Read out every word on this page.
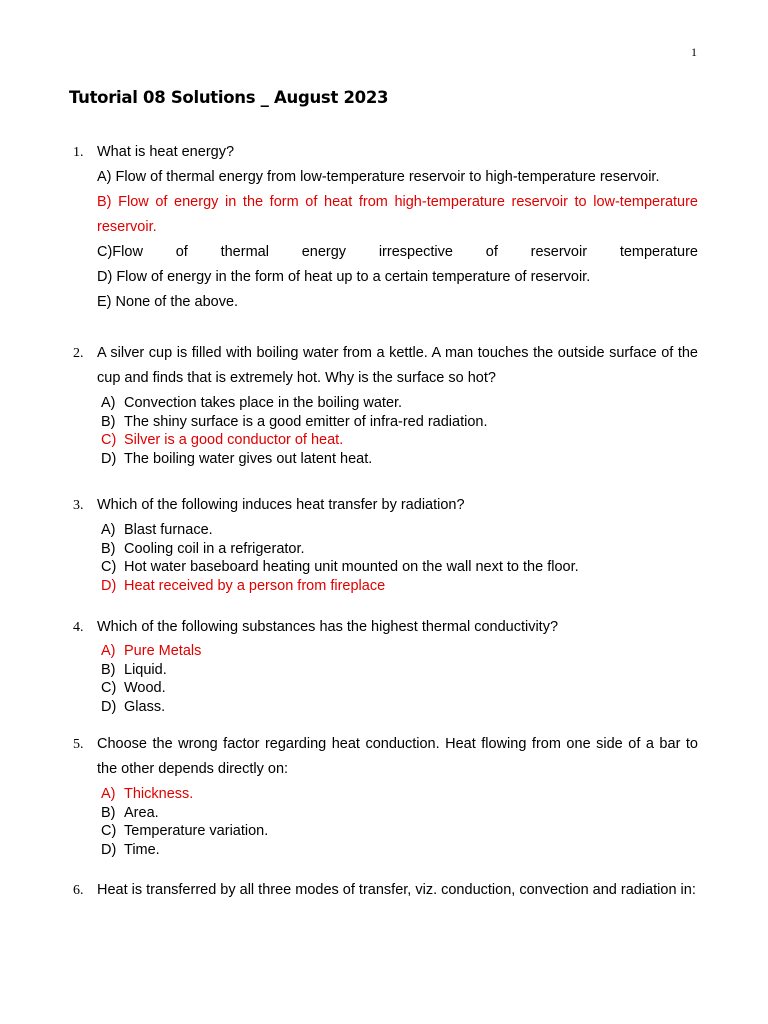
1
Tutorial 08 Solutions _ August 2023
1. What is heat energy?

A) Flow of thermal energy from low-temperature reservoir to high-temperature reservoir.

B) Flow of energy in the form of heat from high-temperature reservoir to low-temperature reservoir.

C)Flow of thermal energy irrespective of reservoir temperature

D) Flow of energy in the form of heat up to a certain temperature of reservoir.

E) None of the above.

2. A silver cup is filled with boiling water from a kettle. A man touches the outside surface of the cup and finds that is extremely hot. Why is the surface so hot?

A) Convection takes place in the boiling water.
B) The shiny surface is a good emitter of infra-red radiation.
C) Silver is a good conductor of heat.
D) The boiling water gives out latent heat.
3. Which of the following induces heat transfer by radiation?

A) Blast furnace.
B) Cooling coil in a refrigerator.
C) Hot water baseboard heating unit mounted on the wall next to the floor.
D) Heat received by a person from fireplace
4. Which of the following substances has the highest thermal conductivity?

A) Pure Metals
B) Liquid.
C) Wood.
D) Glass.
5. Choose the wrong factor regarding heat conduction. Heat flowing from one side of a bar to the other depends directly on:

A) Thickness.
B) Area.
C) Temperature variation.
D) Time.
6. Heat is transferred by all three modes of transfer, viz. conduction, convection and radiation in:
